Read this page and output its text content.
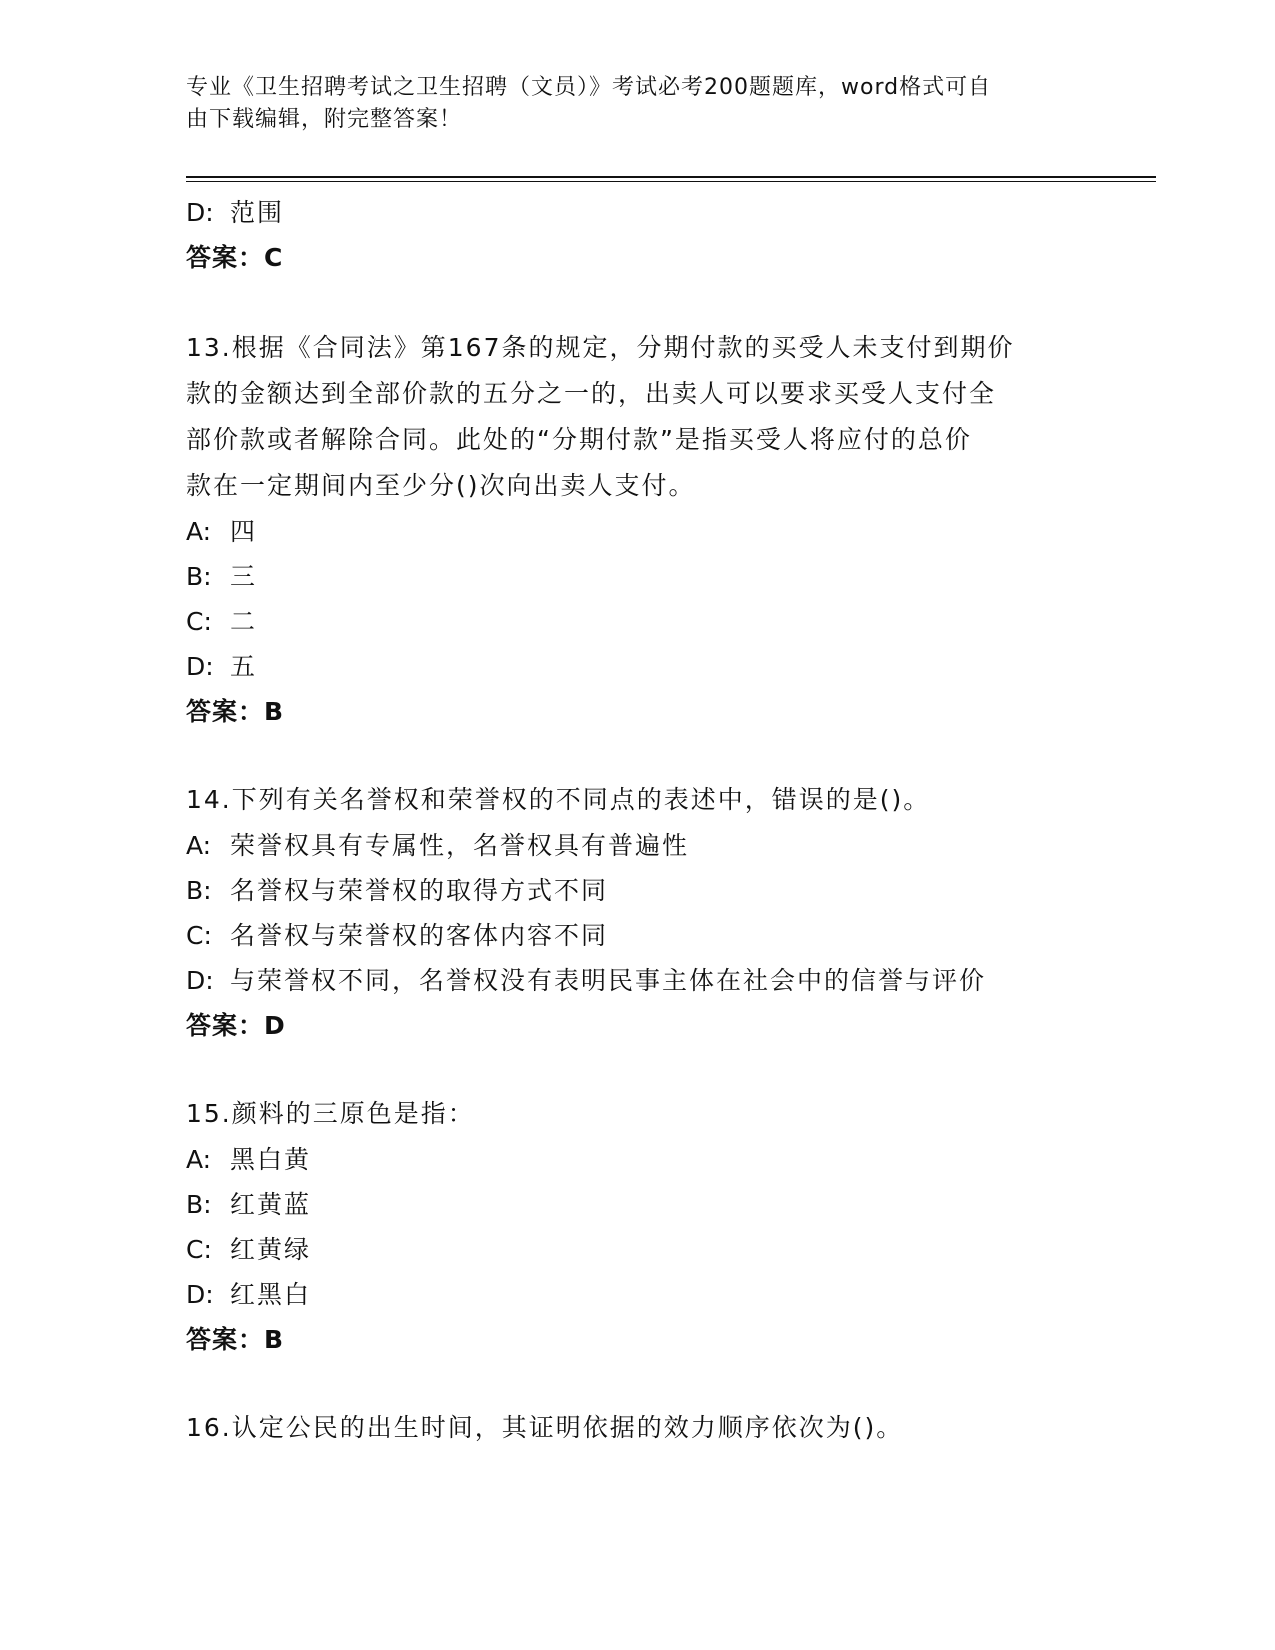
专业《卫生招聘考试之卫生招聘（文员）》考试必考200题题库，word格式可自
由下载编辑，附完整答案！
D: 范围
答案：C
13.根据《合同法》第167条的规定，分期付款的买受人未支付到期价
款的金额达到全部价款的五分之一的，出卖人可以要求买受人支付全
部价款或者解除合同。此处的“分期付款”是指买受人将应付的总价
款在一定期间内至少分()次向出卖人支付。
A: 四
B: 三
C: 二
D: 五
答案：B
14.下列有关名誉权和荣誉权的不同点的表述中，错误的是()。
A: 荣誉权具有专属性，名誉权具有普遍性
B: 名誉权与荣誉权的取得方式不同
C: 名誉权与荣誉权的客体内容不同
D: 与荣誉权不同，名誉权没有表明民事主体在社会中的信誉与评价
答案：D
15.颜料的三原色是指：
A: 黑白黄
B: 红黄蓝
C: 红黄绿
D: 红黑白
答案：B
16.认定公民的出生时间，其证明依据的效力顺序依次为()。
